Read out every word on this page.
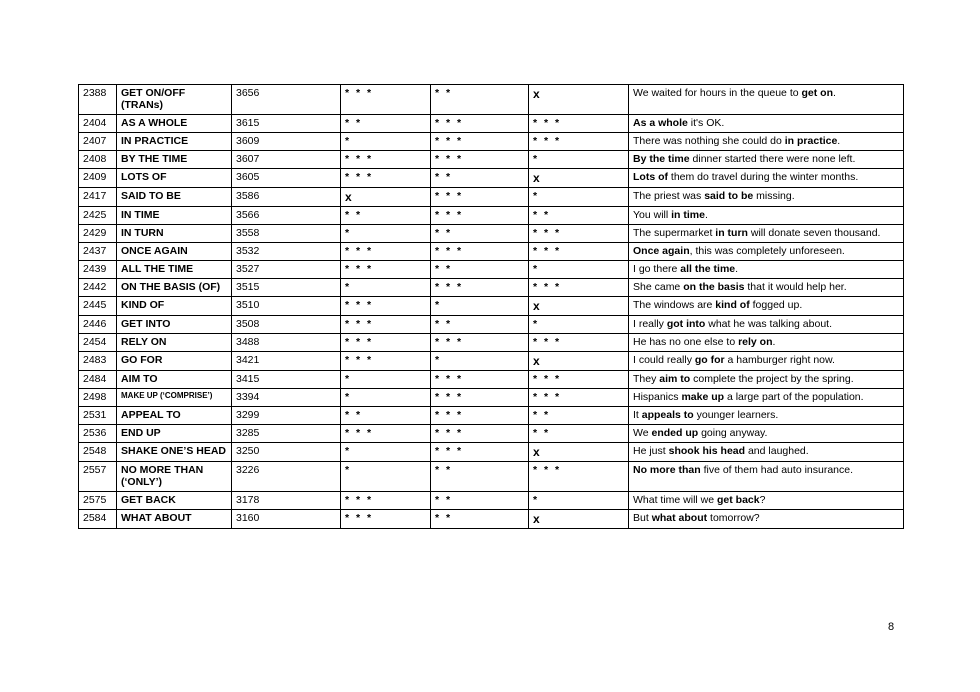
2388	GET ON/OFF (TRANs)	3656	* * *	* *	x	We waited for hours in the queue to get on.
2404	AS A WHOLE	3615	* *	* * *	* * *	As a whole it's OK.
2407	IN PRACTICE	3609	*	* * *	* * *	There was nothing she could do in practice.
2408	BY THE TIME	3607	* * *	* * *	*	By the time dinner started there were none left.
2409	LOTS OF	3605	* * *	* *	x	Lots of them do travel during the winter months.
2417	SAID TO BE	3586	x	* * *	*	The priest was said to be missing.
2425	IN TIME	3566	* *	* * *	* *	You will in time.
2429	IN TURN	3558	*	* *	* * *	The supermarket in turn will donate seven thousand.
2437	ONCE AGAIN	3532	* * *	* * *	* * *	Once again, this was completely unforeseen.
2439	ALL THE TIME	3527	* * *	* *	*	I go there all the time.
2442	ON THE BASIS (OF)	3515	*	* * *	* * *	She came on the basis that it would help her.
2445	KIND OF	3510	* * *	*	x	The windows are kind of fogged up.
2446	GET INTO	3508	* * *	* *	*	I really got into what he was talking about.
2454	RELY ON	3488	* * *	* * *	* * *	He has no one else to rely on.
2483	GO FOR	3421	* * *	*	x	I could really go for a hamburger right now.
2484	AIM TO	3415	*	* * *	* * *	They aim to complete the project by the spring.
2498	MAKE UP (‘COMPRISE’)	3394	*	* * *	* * *	Hispanics make up a large part of the population.
2531	APPEAL TO	3299	* *	* * *	* *	It appeals to younger learners.
2536	END UP	3285	* * *	* * *	* *	We ended up going anyway.
2548	SHAKE ONE’S HEAD	3250	*	* * *	x	He just shook his head and laughed.
2557	NO MORE THAN (‘ONLY’)	3226	*	* *	* * *	No more than five of them had auto insurance.
2575	GET BACK	3178	* * *	* *	*	What time will we get back?
2584	WHAT ABOUT	3160	* * *	* *	x	But what about tomorrow?
8
